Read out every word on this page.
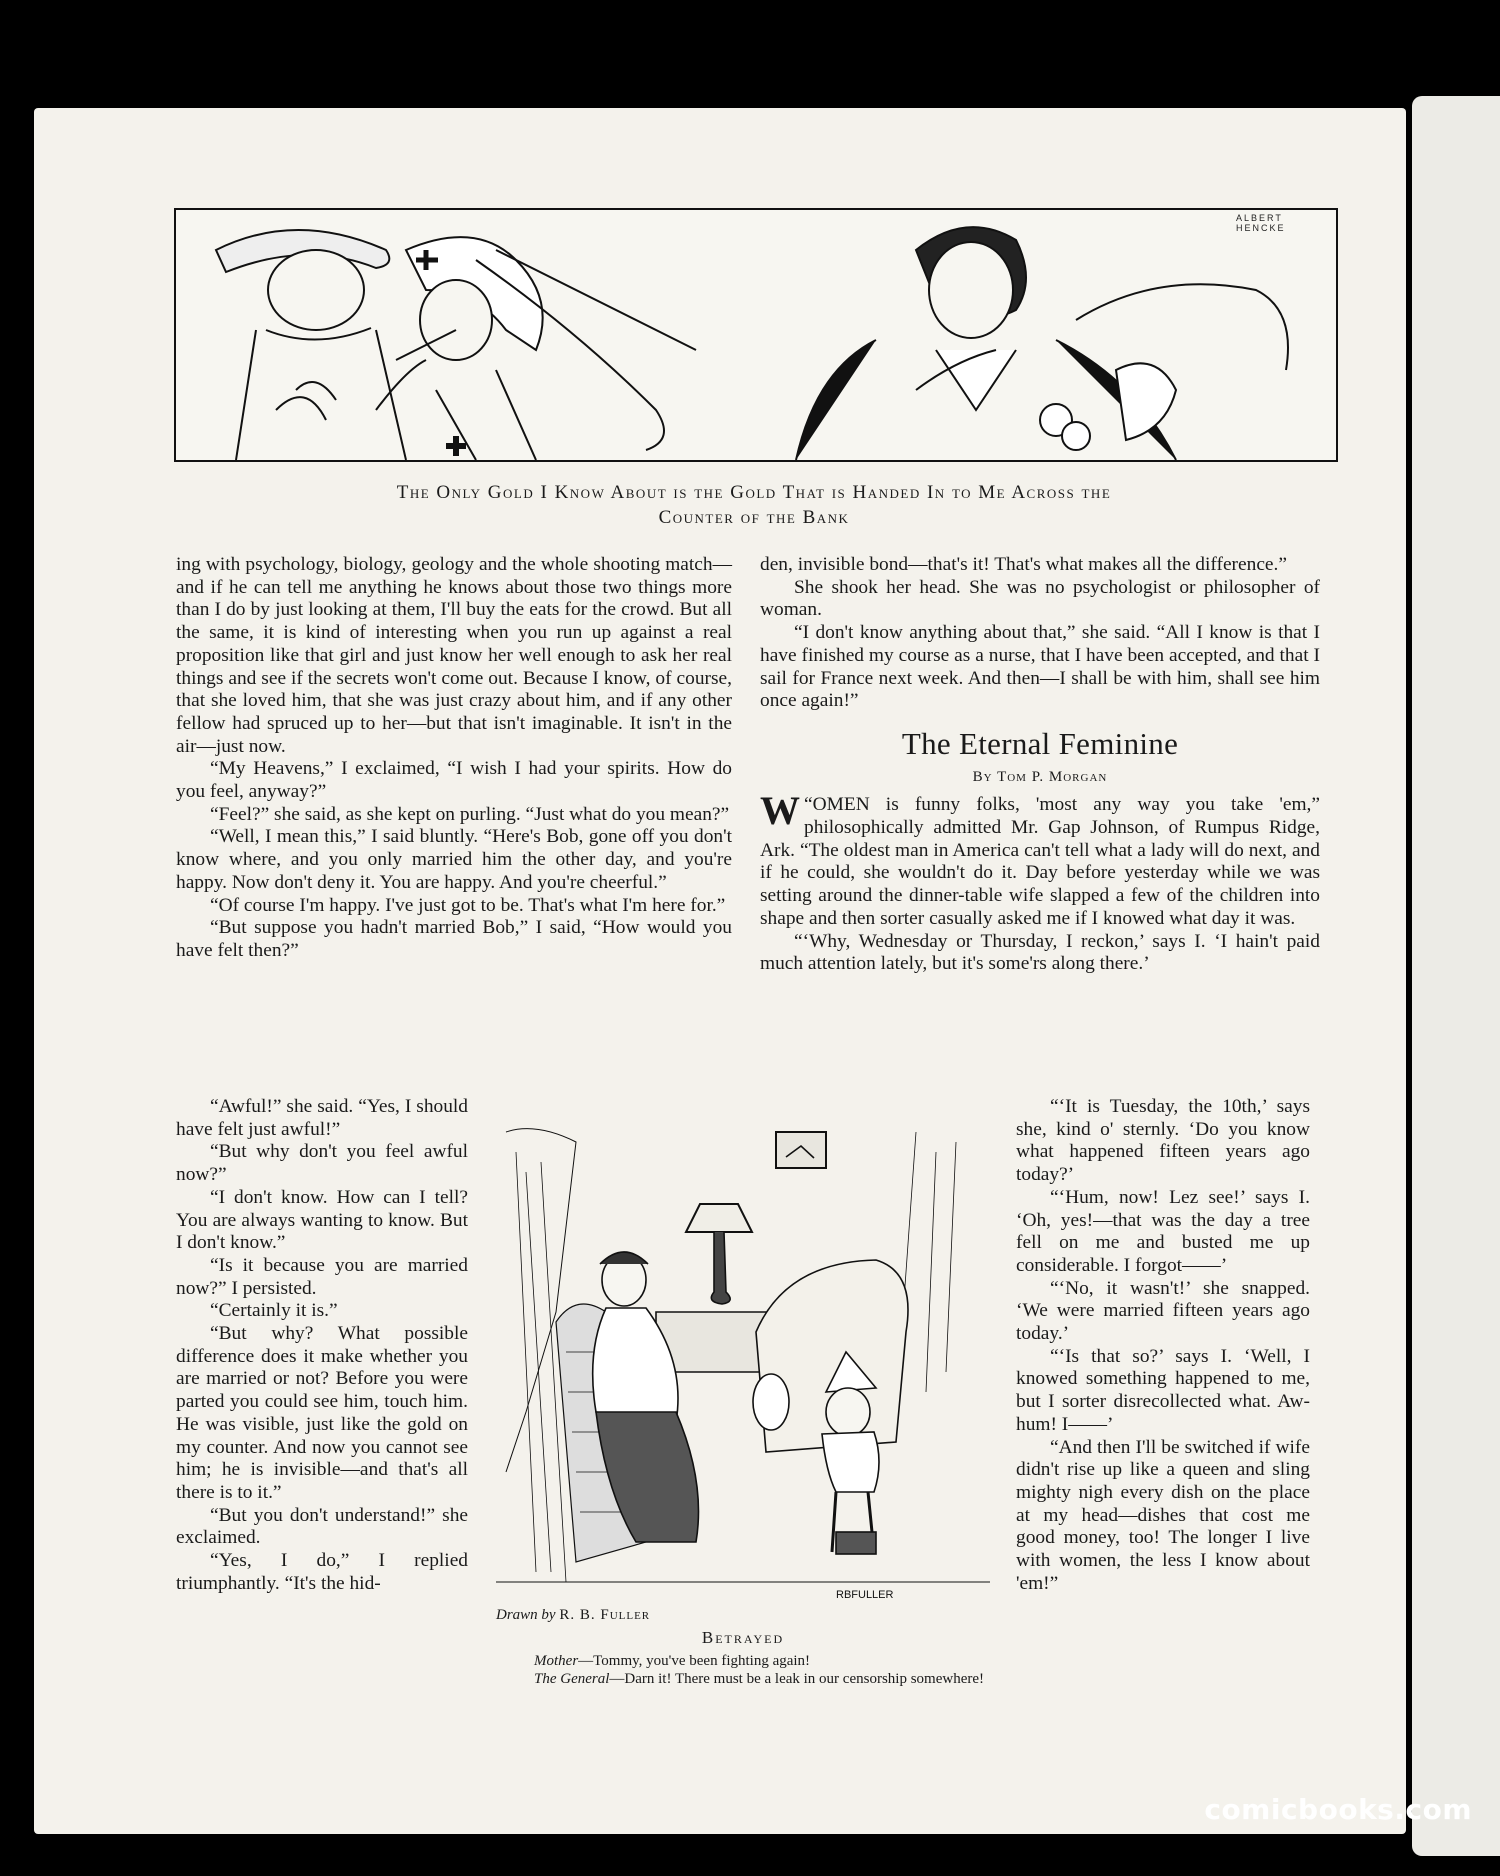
ALBERT
HENCKE
The Only Gold I Know About is the Gold That is Handed In to Me Across the
Counter of the Bank

ing with psychology, biology, geology and the whole shooting match—and if he can tell me anything he knows about those two things more than I do by just looking at them, I'll buy the eats for the crowd. But all the same, it is kind of interesting when you run up against a real proposition like that girl and just know her well enough to ask her real things and see if the secrets won't come out. Because I know, of course, that she loved him, that she was just crazy about him, and if any other fellow had spruced up to her—but that isn't imaginable. It isn't in the air—just now.

“My Heavens,” I exclaimed, “I wish I had your spirits. How do you feel, anyway?”

“Feel?” she said, as she kept on purling. “Just what do you mean?”

“Well, I mean this,” I said bluntly. “Here's Bob, gone off you don't know where, and you only married him the other day, and you're happy. Now don't deny it. You are happy. And you're cheerful.”

“Of course I'm happy. I've just got to be. That's what I'm here for.”

“But suppose you hadn't married Bob,” I said, “How would you have felt then?”

“Awful!” she said. “Yes, I should have felt just awful!”

“But why don't you feel awful now?”

“I don't know. How can I tell? You are always wanting to know. But I don't know.”

“Is it because you are married now?” I persisted.

“Certainly it is.”

“But why? What possible difference does it make whether you are married or not? Before you were parted you could see him, touch him. He was visible, just like the gold on my counter. And now you cannot see him; he is invisible—and that's all there is to it.”

“But you don't understand!” she exclaimed.

“Yes, I do,” I replied triumphantly. “It's the hid-

den, invisible bond—that's it! That's what makes all the difference.”

She shook her head. She was no psychologist or philosopher of woman.

“I don't know anything about that,” she said. “All I know is that I have finished my course as a nurse, that I have been accepted, and that I sail for France next week. And then—I shall be with him, shall see him once again!”

The Eternal Feminine
By Tom P. Morgan

“
W OMEN is funny folks, 'most any way you take 'em,” philosophically admitted Mr. Gap Johnson, of Rumpus Ridge, Ark. “The oldest man in America can't tell what a lady will do next, and if he could, she wouldn't do it. Day before yesterday while we was setting around the dinner-table wife slapped a few of the children into shape and then sorter casually asked me if I knowed what day it was.

“‘Why, Wednesday or Thursday, I reckon,’ says I. ‘I hain't paid much attention lately, but it's some'rs along there.’

RBFULLER
Drawn by R. B. Fuller
Betrayed
Mother—Tommy, you've been fighting again!
The General—Darn it! There must be a leak in our censorship somewhere!

“‘It is Tuesday, the 10th,’ says she, kind o' sternly. ‘Do you know what happened fifteen years ago today?’

“‘Hum, now! Lez see!’ says I. ‘Oh, yes!—that was the day a tree fell on me and busted me up considerable. I forgot——’

“‘No, it wasn't!’ she snapped. ‘We were married fifteen years ago today.’

“‘Is that so?’ says I. ‘Well, I knowed something happened to me, but I sorter disrecollected what. Aw-hum! I——’

“And then I'll be switched if wife didn't rise up like a queen and sling mighty nigh every dish on the place at my head—dishes that cost me good money, too! The longer I live with women, the less I know about 'em!”

comicbooks.com
